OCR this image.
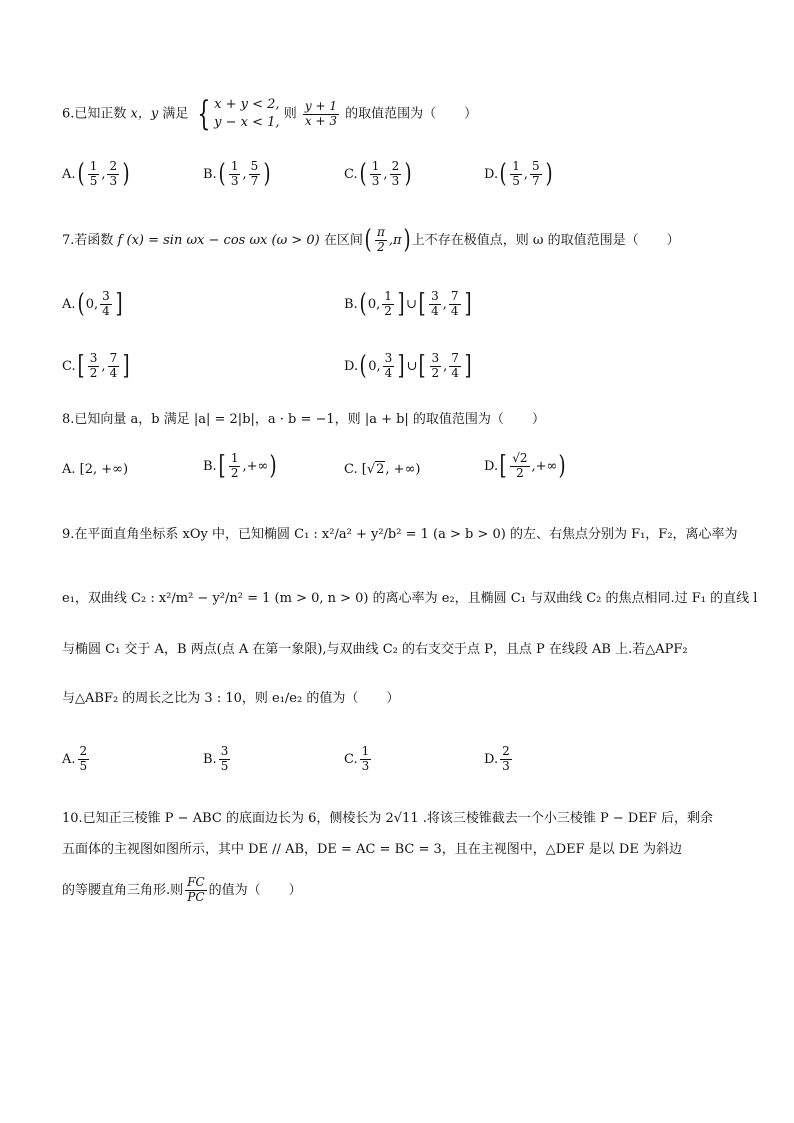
6.已知正数 x，y 满足 { x + y < 2,
y − x < 1,
则 $\frac{y + 1}{x + 3}$ 的取值范围为（ ）
$A.( \frac{1}{5}$ , $\frac{2}{3}$ )	$B.( \frac{1}{3}$ , $\frac{5}{7}$ )	$C.( \frac{1}{3}$ , $\frac{2}{3}$ )	$D.( \frac{1}{5}$ , $\frac{5}{7}$ )
7.若函数 f (x) = sin ωx − cos ωx (ω > 0) 在区间( $\frac{\pi}{2} ,\pi$) 上不存在极值点，则 ω 的取值范围是（ ）
A.( 0, $\frac{3}{4}$ ]	B.( 0, $\frac{1}{2}$ ] ∪[ $\frac{3}{4}$ , $\frac{7}{4}$ ]
$C.[ \frac{3}{2}$ , $\frac{7}{4}$ ]	D.( 0, $\frac{3}{4}$ ] ∪[ $\frac{3}{2}$ , $\frac{7}{4}$ ]
8.已知向量 a，b 满足 |a| = 2|b|，a · b = −1，则 |a + b| 的取值范围为（ ）
A. [2, +∞)	$B.[ \frac{1}{2}$ ,+∞)	C. [√2, +∞)	$D.[ \frac{√2}{2}$ ,+∞)
9.在平面直角坐标系 xOy 中，已知椭圆 C₁ : x²/a² + y²/b² = 1 (a > b > 0) 的左、右焦点分别为 F₁，F₂，离心率为
e₁，双曲线 C₂ : x²/m² − y²/n² = 1 (m > 0, n > 0) 的离心率为 e₂，且椭圆 C₁ 与双曲线 C₂ 的焦点相同.过 F₁ 的直线 l
与椭圆 C₁ 交于 A，B 两点(点 A 在第一象限),与双曲线 C₂ 的右支交于点 P，且点 P 在线段 AB 上.若△APF₂
与△ABF₂ 的周长之比为 3 : 10，则 e₁/e₂ 的值为（ ）
A. $\frac{2}{5}$	B. $\frac{3}{5}$	C. $\frac{1}{3}$	D. $\frac{2}{3}$
10.已知正三棱锥 P − ABC 的底面边长为 6，侧棱长为 2√11 .将该三棱锥截去一个小三棱锥 P − DEF 后，剩余
五面体的主视图如图所示，其中 DE // AB，DE = AC = BC = 3，且在主视图中，△DEF 是以 DE 为斜边
的等腰直角三角形.则 $\frac{FC}{PC}$ 的值为（ ）
